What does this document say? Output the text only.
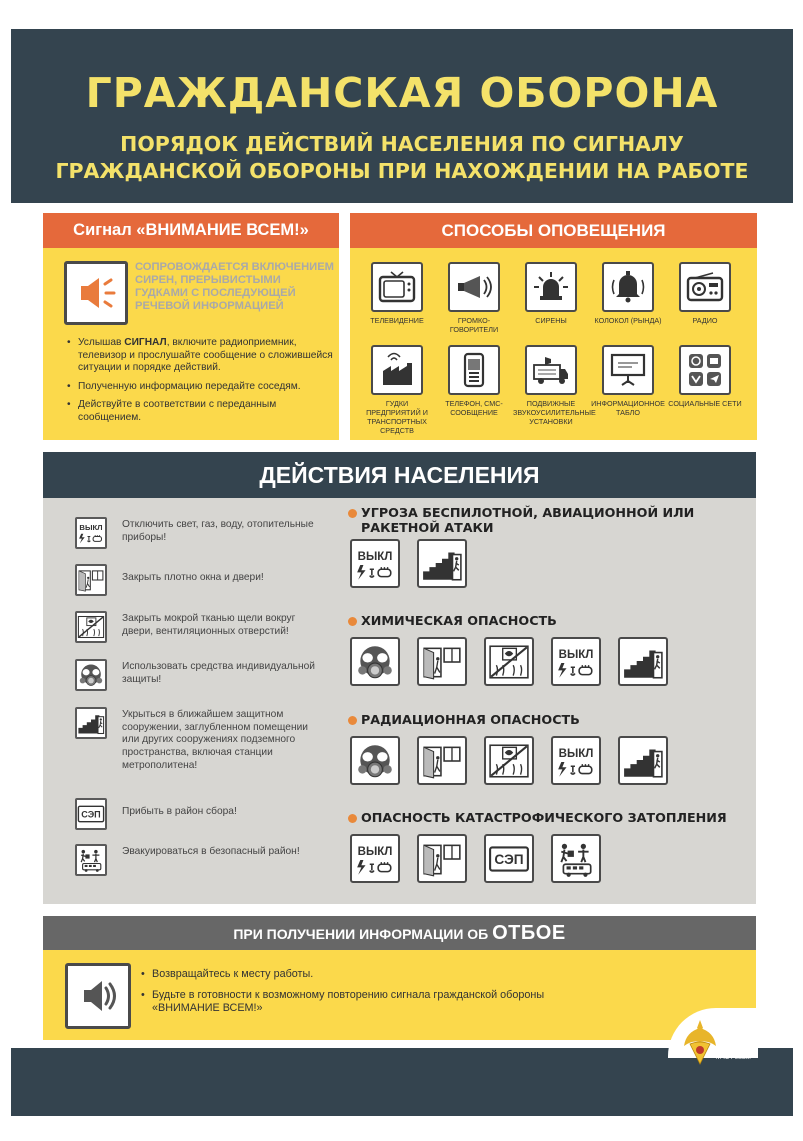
ГРАЖДАНСКАЯ ОБОРОНА
ПОРЯДОК ДЕЙСТВИЙ НАСЕЛЕНИЯ ПО СИГНАЛУ
ГРАЖДАНСКОЙ ОБОРОНЫ ПРИ НАХОЖДЕНИИ НА РАБОТЕ
Сигнал «ВНИМАНИЕ ВСЕМ!»
СОПРОВОЖДАЕТСЯ ВКЛЮЧЕНИЕМ СИРЕН, ПРЕРЫВИСТЫМИ ГУДКАМИ С ПОСЛЕДУЮЩЕЙ РЕЧЕВОЙ ИНФОРМАЦИЕЙ
• Услышав СИГНАЛ, включите радиоприемник, телевизор и прослушайте сообщение о сложившейся ситуации и порядке действий.
• Полученную информацию передайте соседям.
• Действуйте в соответствии с переданным сообщением.
СПОСОБЫ ОПОВЕЩЕНИЯ
ТЕЛЕВИДЕНИЕ	ГРОМКО-ГОВОРИТЕЛИ
СИРЕНЫ	КОЛОКОЛ (РЫНДА)	РАДИО
ГУДКИ ПРЕДПРИЯТИЙ И ТРАНСПОРТНЫХ СРЕДСТВ
ТЕЛЕФОН, СМС-СООБЩЕНИЕ
ПОДВИЖНЫЕ ЗВУКОУСИЛИТЕЛЬНЫЕ УСТАНОВКИ
ИНФОРМАЦИОННОЕ ТАБЛО
СОЦИАЛЬНЫЕ СЕТИ
ДЕЙСТВИЯ НАСЕЛЕНИЯ
Отключить свет, газ, воду, отопительные приборы!
Закрыть плотно окна и двери!
Закрыть мокрой тканью щели вокруг двери, вентиляционных отверстий!
Использовать средства индивидуальной защиты!
Укрыться в ближайшем защитном сооружении, заглубленном помещении или других сооружениях подземного пространства, включая станции метрополитена!
Прибыть в район сбора!
Эвакуироваться в безопасный район!
УГРОЗА БЕСПИЛОТНОЙ, АВИАЦИОННОЙ ИЛИ РАКЕТНОЙ АТАКИ
ХИМИЧЕСКАЯ ОПАСНОСТЬ
РАДИАЦИОННАЯ ОПАСНОСТЬ
ОПАСНОСТЬ КАТАСТРОФИЧЕСКОГО ЗАТОПЛЕНИЯ
ПРИ ПОЛУЧЕНИИ ИНФОРМАЦИИ ОБ ОТБОЕ
• Возвращайтесь к месту работы.
• Будьте в готовности к возможному повторению сигнала гражданской обороны «ВНИМАНИЕ ВСЕМ!»
МЧС России
